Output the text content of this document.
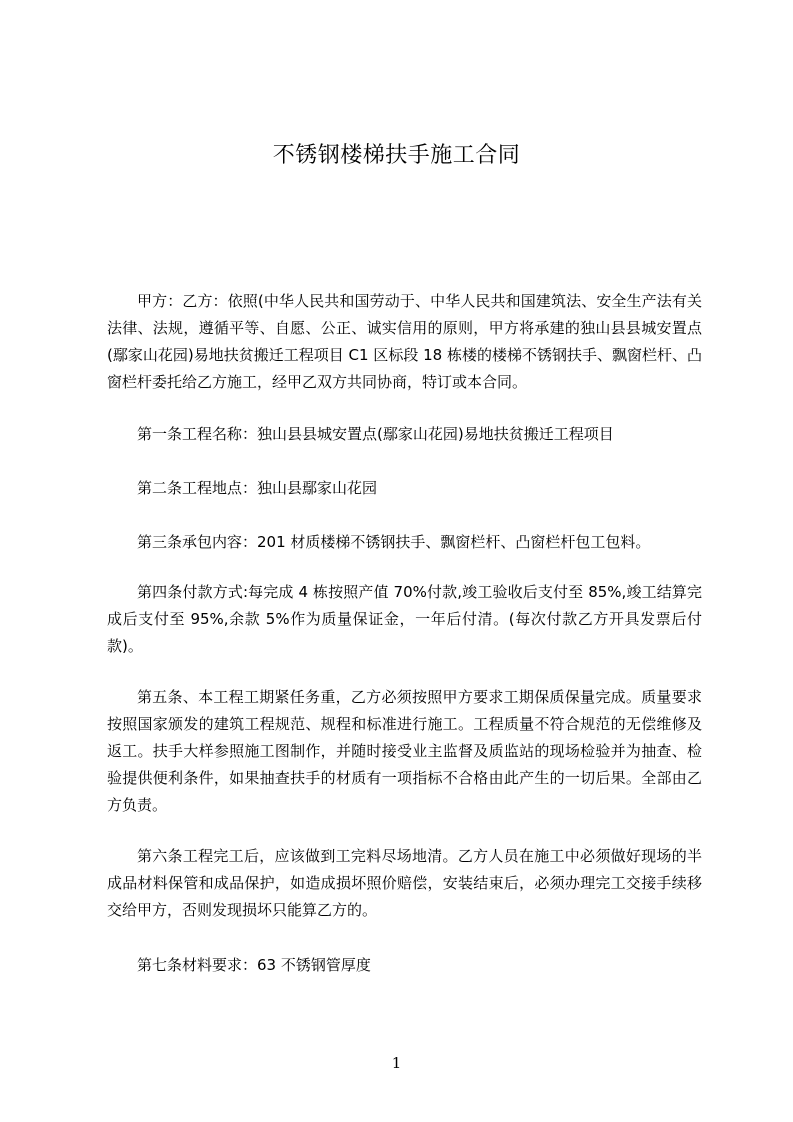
不锈钢楼梯扶手施工合同

甲方：乙方：依照(中华人民共和国劳动于、中华人民共和国建筑法、安全生产法有关法律、法规，遵循平等、自愿、公正、诚实信用的原则，甲方将承建的独山县县城安置点(鄢家山花园)易地扶贫搬迁工程项目 C1 区标段 18 栋楼的楼梯不锈钢扶手、飘窗栏杆、凸窗栏杆委托给乙方施工，经甲乙双方共同协商，特订或本合同。

第一条工程名称：独山县县城安置点(鄢家山花园)易地扶贫搬迁工程项目

第二条工程地点：独山县鄢家山花园

第三条承包内容：201 材质楼梯不锈钢扶手、飘窗栏杆、凸窗栏杆包工包料。

第四条付款方式:每完成 4 栋按照产值 70%付款,竣工验收后支付至 85%,竣工结算完成后支付至 95%,余款 5%作为质量保证金，一年后付清。(每次付款乙方开具发票后付款)。

第五条、本工程工期紧任务重，乙方必须按照甲方要求工期保质保量完成。质量要求按照国家颁发的建筑工程规范、规程和标准进行施工。工程质量不符合规范的无偿维修及返工。扶手大样参照施工图制作，并随时接受业主监督及质监站的现场检验并为抽查、检验提供便利条件，如果抽查扶手的材质有一项指标不合格由此产生的一切后果。全部由乙方负责。

第六条工程完工后，应该做到工完料尽场地清。乙方人员在施工中必须做好现场的半成品材料保管和成品保护，如造成损坏照价赔偿，安装结束后，必须办理完工交接手续移交给甲方，否则发现损坏只能算乙方的。

第七条材料要求：63 不锈钢管厚度

1
